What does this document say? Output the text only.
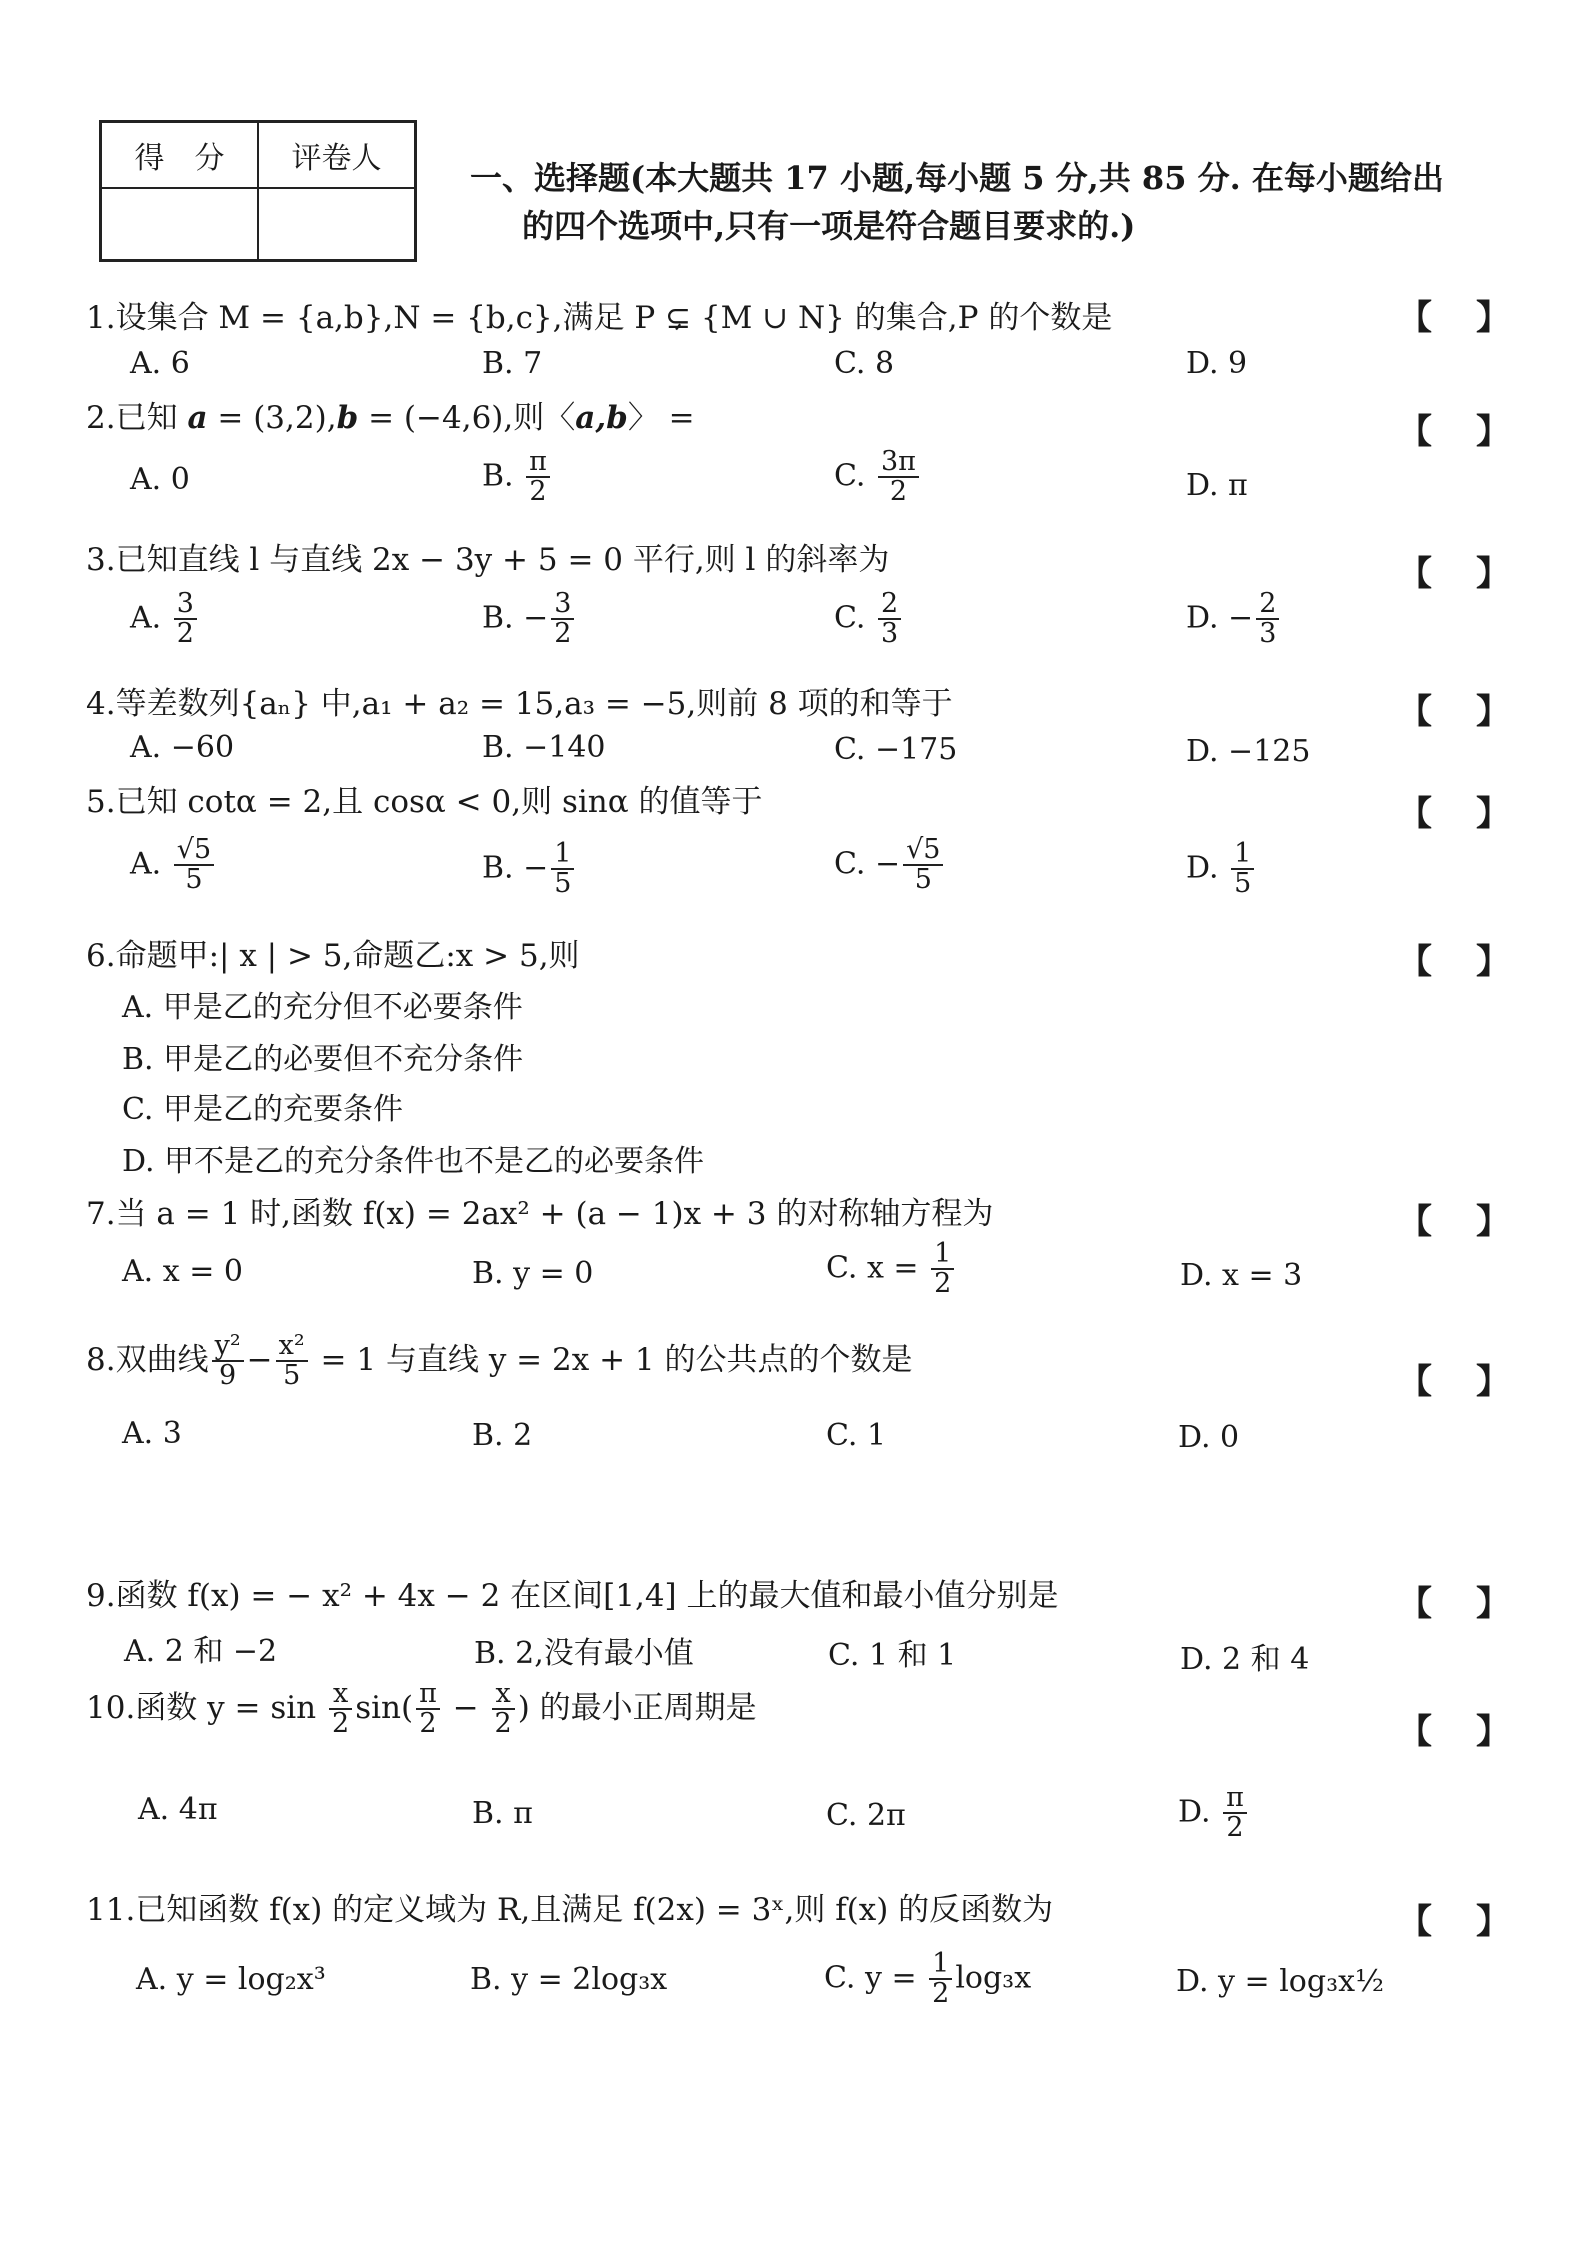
得　分	评卷人

一、选择题(本大题共 17 小题,每小题 5 分,共 85 分. 在每小题给出
的四个选项中,只有一项是符合题目要求的.)
1.设集合 M = {a,b},N = {b,c},满足 P ⊊ {M ∪ N} 的集合,P 的个数是	【 】
A. 6	B. 7	C. 8	D. 9
2.已知 a = (3,2),b = (−4,6),则〈a,b〉 =	【 】
A. 0	B. $\frac{\pi}{2}$	C. $\frac{3\pi}{2}$	D. π
3.已知直线 l 与直线 2x − 3y + 5 = 0 平行,则 l 的斜率为	【 】
A. $\frac{3}{2}$	B. − $\frac{3}{2}$	C. $\frac{2}{3}$	D. − $\frac{2}{3}$
4.等差数列{aₙ} 中,a₁ + a₂ = 15,a₃ = −5,则前 8 项的和等于	【 】
A. −60	B. −140	C. −175	D. −125
5.已知 cotα = 2,且 cosα < 0,则 sinα 的值等于	【 】
A. $\frac{√5}{5}$	B. − $\frac{1}{5}$	C. − $\frac{√5}{5}$	D. $\frac{1}{5}$
6.命题甲:| x | > 5,命题乙:x > 5,则	【 】
A. 甲是乙的充分但不必要条件
B. 甲是乙的必要但不充分条件
C. 甲是乙的充要条件
D. 甲不是乙的充分条件也不是乙的必要条件
7.当 a = 1 时,函数 f(x) = 2ax² + (a − 1)x + 3 的对称轴方程为	【 】
A. x = 0	B. y = 0	C. $x = \frac{1}{2}$	D. x = 3
8.双曲线 $\frac{\text{y²}}{9} - \frac{\text{x²}}{5} = 1$ 与直线 y = 2x + 1 的公共点的个数是
【 】
A. 3	B. 2	C. 1	D. 0
9.函数 f(x) = − x² + 4x − 2 在区间[1,4] 上的最大值和最小值分别是	【 】
A. 2 和 −2	B. 2,没有最小值	C. 1 和 1	D. 2 和 4
10.函数 $y = \sin \frac{x}{2} \sin( \frac{\pi}{2} - \frac{x}{2}$ ) 的最小正周期是
【 】
A. 4π	B. π	C. 2π	D. $\frac{\pi}{2}$
11.已知函数 f(x) 的定义域为 R,且满足 f(2x) = 3ˣ,则 f(x) 的反函数为	【 】
A. y = log₂x³	B. y = 2log₃x	C. $y = \frac{1}{2} \log_3x$	D. y = log₃x½
